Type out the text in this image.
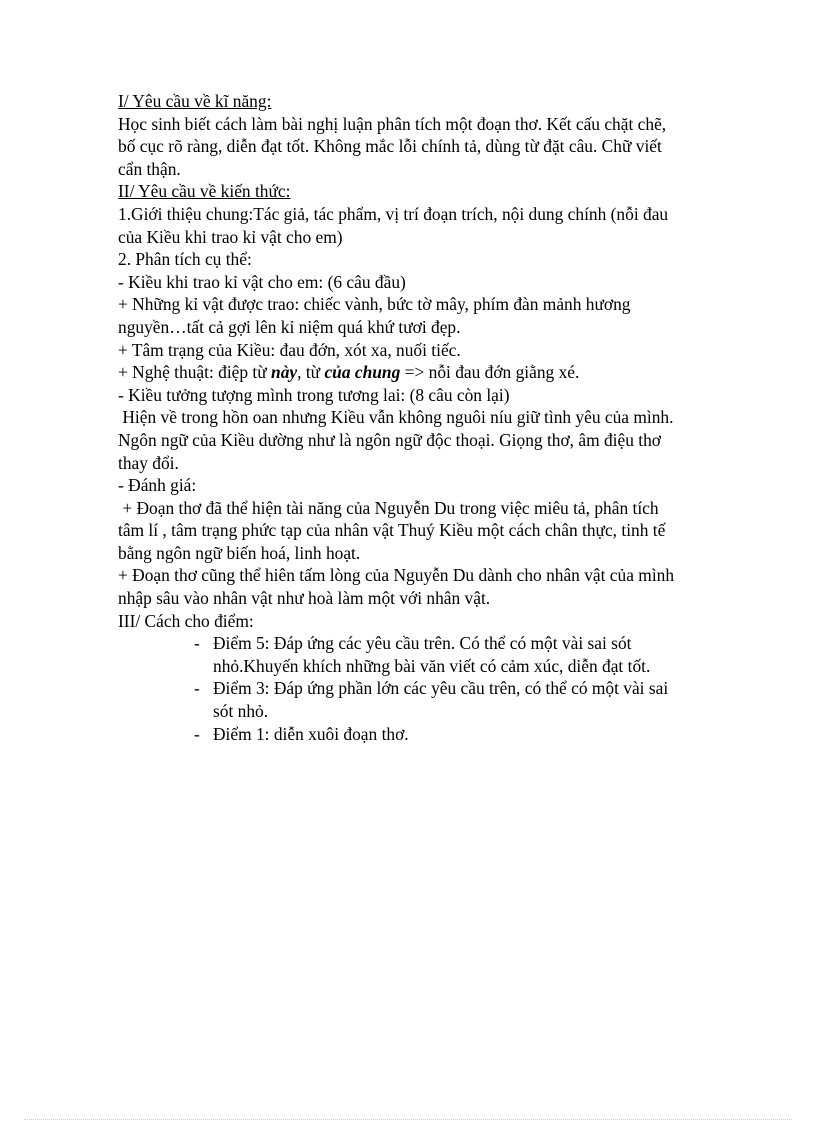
I/ Yêu cầu về kĩ năng:
Học sinh biết cách làm bài nghị luận phân tích một đoạn thơ. Kết cấu chặt chẽ,
bố cục rõ ràng, diễn đạt tốt. Không mắc lỗi chính tả, dùng từ đặt câu. Chữ viết
cẩn thận.
II/ Yêu cầu về kiến thức:
1.Giới thiệu chung:Tác giả, tác phẩm, vị trí đoạn trích, nội dung chính (nỗi đau
của Kiều khi trao kỉ vật cho em)
2. Phân tích cụ thể:
- Kiều khi trao kỉ vật cho em: (6 câu đầu)
+ Những kỉ vật được trao: chiếc vành, bức tờ mây, phím đàn mảnh hương
nguyền…tất cả gợi lên kỉ niệm quá khứ tươi đẹp.
+ Tâm trạng của Kiều: đau đớn, xót xa, nuối tiếc.
+ Nghệ thuật: điệp từ này, từ của chung => nỗi đau đớn giằng xé.
- Kiều tưởng tượng mình trong tương lai: (8 câu còn lại)
Hiện về trong hồn oan nhưng Kiều vẫn không nguôi níu giữ tình yêu của mình.
Ngôn ngữ của Kiều dường như là ngôn ngữ độc thoại. Giọng thơ, âm điệu thơ
thay đổi.
- Đánh giá:
+ Đoạn thơ đã thể hiện tài năng của Nguyễn Du trong việc miêu tả, phân tích
tâm lí , tâm trạng phức tạp của nhân vật Thuý Kiều một cách chân thực, tinh tế
bằng ngôn ngữ biến hoá, linh hoạt.
+ Đoạn thơ cũng thể hiên tấm lòng của Nguyễn Du dành cho nhân vật của mình
nhập sâu vào nhân vật như hoà làm một với nhân vật.
III/ Cách cho điểm:
- Điểm 5: Đáp ứng các yêu cầu trên. Có thể có một vài sai sót
nhỏ.Khuyến khích những bài văn viết có cảm xúc, diễn đạt tốt.
- Điểm 3: Đáp ứng phần lớn các yêu cầu trên, có thể có một vài sai
sót nhỏ.
- Điểm 1: diễn xuôi đoạn thơ.
